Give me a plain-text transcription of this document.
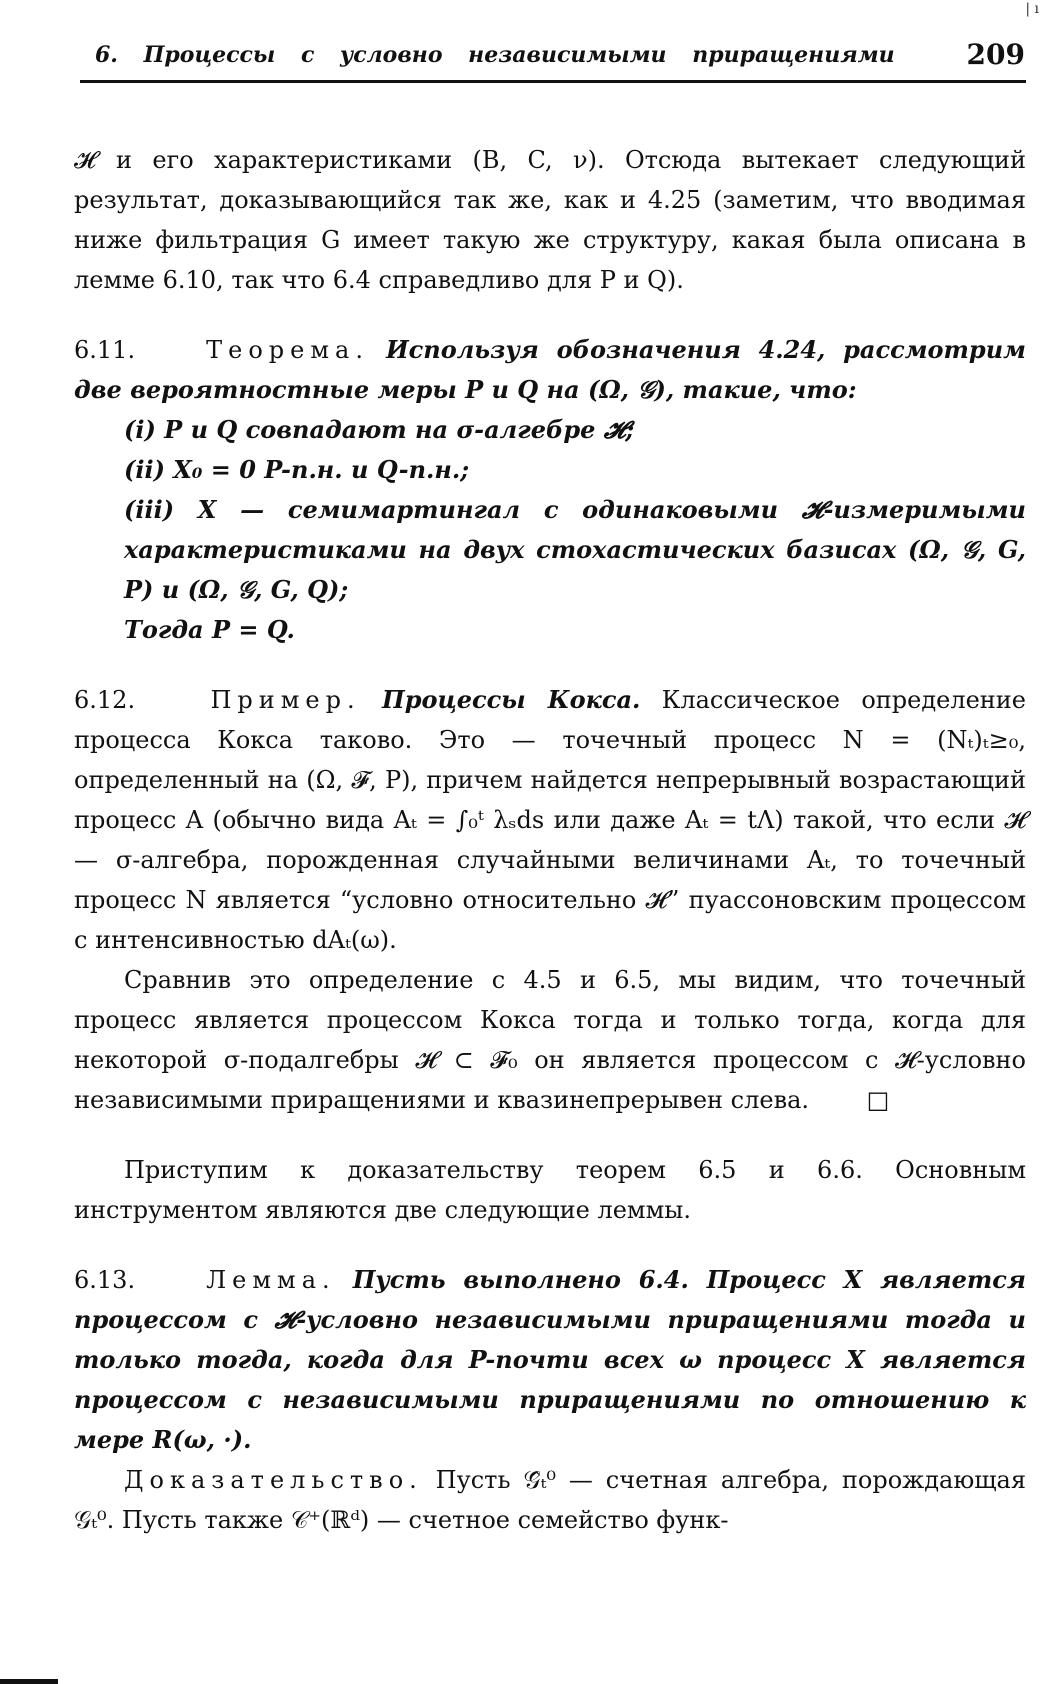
| ı
6. Процессы с условно независимыми приращениями	209

𝓗 и его характеристиками (B, C, ν). Отсюда вытекает следующий результат, доказывающийся так же, как и 4.25 (заметим, что вводимая ниже фильтрация G имеет такую же структуру, какая была описана в лемме 6.10, так что 6.4 справедливо для P и Q).

6.11.	Теорема. Используя обозначения 4.24, рассмотрим две вероятностные меры P и Q на (Ω, 𝒢), такие, что:

(i) P и Q совпадают на σ-алгебре 𝓗;

(ii) X₀ = 0 P-п.н. и Q-п.н.;

(iii) X — семимартингал с одинаковыми 𝓗-измеримыми характеристиками на двух стохастических базисах (Ω, 𝒢, G, P) и (Ω, 𝒢, G, Q);

Тогда P = Q.

6.12.	Пример. Процессы Кокса. Классическое определение процесса Кокса таково. Это — точечный процесс N = (Nₜ)ₜ≥₀, определенный на (Ω, 𝓕, P), причем найдется непрерывный возрастающий процесс A (обычно вида Aₜ = ∫₀ᵗ λₛds или даже Aₜ = tΛ) такой, что если 𝓗 — σ-алгебра, порожденная случайными величинами Aₜ, то точечный процесс N является “условно относительно 𝓗” пуассоновским процессом с интенсивностью dAₜ(ω).

Сравнив это определение с 4.5 и 6.5, мы видим, что точечный процесс является процессом Кокса тогда и только тогда, когда для некоторой σ-подалгебры 𝓗 ⊂ 𝓕₀ он является процессом с 𝓗-условно независимыми приращениями и квазинепрерывен слева. □

Приступим к доказательству теорем 6.5 и 6.6. Основным инструментом являются две следующие леммы.

6.13.	Лемма. Пусть выполнено 6.4. Процесс X является процессом с 𝓗-условно независимыми приращениями тогда и только тогда, когда для P-почти всех ω процесс X является процессом с независимыми приращениями по отношению к мере R(ω, ·).

Доказательство. Пусть 𝒢̂ₜ⁰ — счетная алгебра, порождающая 𝒢ₜ⁰. Пусть также 𝒞⁺(ℝᵈ) — счетное семейство функ-
